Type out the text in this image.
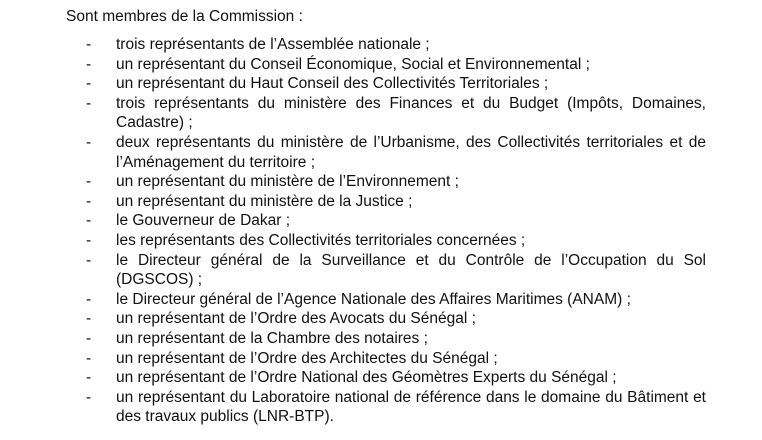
Sont membres de la Commission :
-	trois représentants de l’Assemblée nationale ;
-	un représentant du Conseil Économique, Social et Environnemental ;
-	un représentant du Haut Conseil des Collectivités Territoriales ;
-	trois représentants du ministère des Finances et du Budget (Impôts, Domaines, Cadastre) ;
-	deux représentants du ministère de l’Urbanisme, des Collectivités territoriales et de l’Aménagement du territoire ;
-	un représentant du ministère de l’Environnement ;
-	un représentant du ministère de la Justice ;
-	le Gouverneur de Dakar ;
-	les représentants des Collectivités territoriales concernées ;
-	le Directeur général de la Surveillance et du Contrôle de l’Occupation du Sol (DGSCOS) ;
-	le Directeur général de l’Agence Nationale des Affaires Maritimes (ANAM) ;
-	un représentant de l’Ordre des Avocats du Sénégal ;
-	un représentant de la Chambre des notaires ;
-	un représentant de l’Ordre des Architectes du Sénégal ;
-	un représentant de l’Ordre National des Géomètres Experts du Sénégal ;
-	un représentant du Laboratoire national de référence dans le domaine du Bâtiment et des travaux publics (LNR-BTP).
